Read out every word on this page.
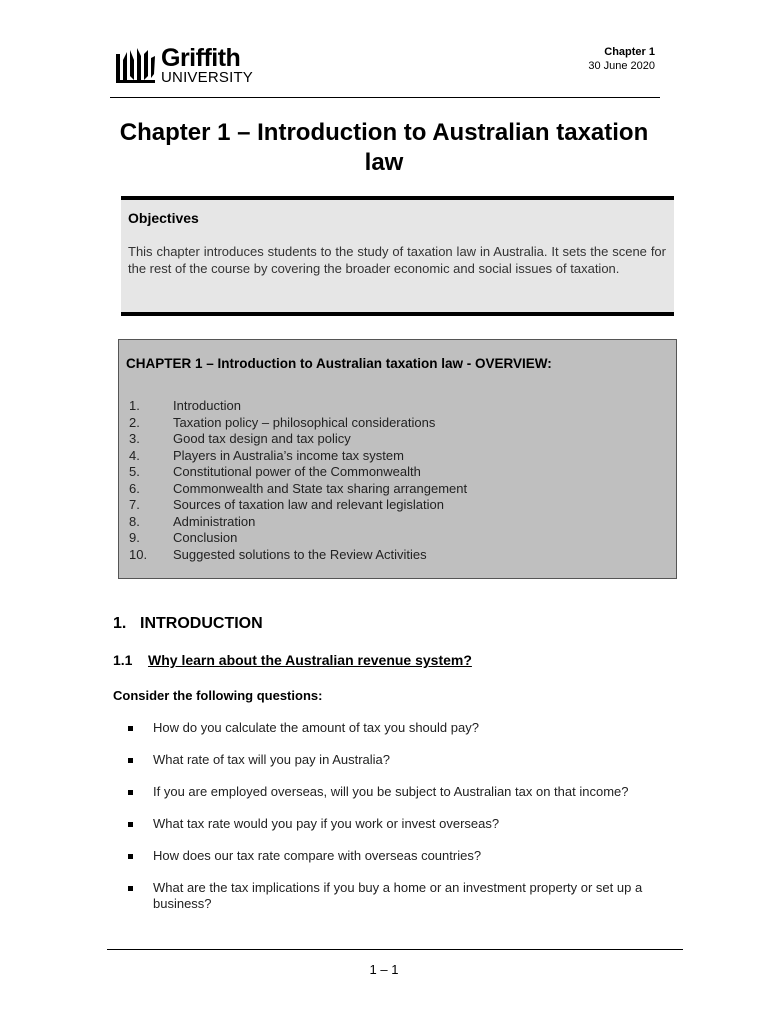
Griffith
UNIVERSITY
Chapter 1
30 June 2020
Chapter 1 – Introduction to Australian taxation law
Objectives
This chapter introduces students to the study of taxation law in Australia. It sets the scene for the rest of the course by covering the broader economic and social issues of taxation.
CHAPTER 1 – Introduction to Australian taxation law - OVERVIEW:
1.	Introduction
2.	Taxation policy – philosophical considerations
3.	Good tax design and tax policy
4.	Players in Australia’s income tax system
5.	Constitutional power of the Commonwealth
6.	Commonwealth and State tax sharing arrangement
7.	Sources of taxation law and relevant legislation
8.	Administration
9.	Conclusion
10. Suggested solutions to the Review Activities
1. INTRODUCTION
1.1 Why learn about the Australian revenue system?
Consider the following questions:
How do you calculate the amount of tax you should pay?
What rate of tax will you pay in Australia?
If you are employed overseas, will you be subject to Australian tax on that income?
What tax rate would you pay if you work or invest overseas?
How does our tax rate compare with overseas countries?
What are the tax implications if you buy a home or an investment property or set up a business?
1 – 1
